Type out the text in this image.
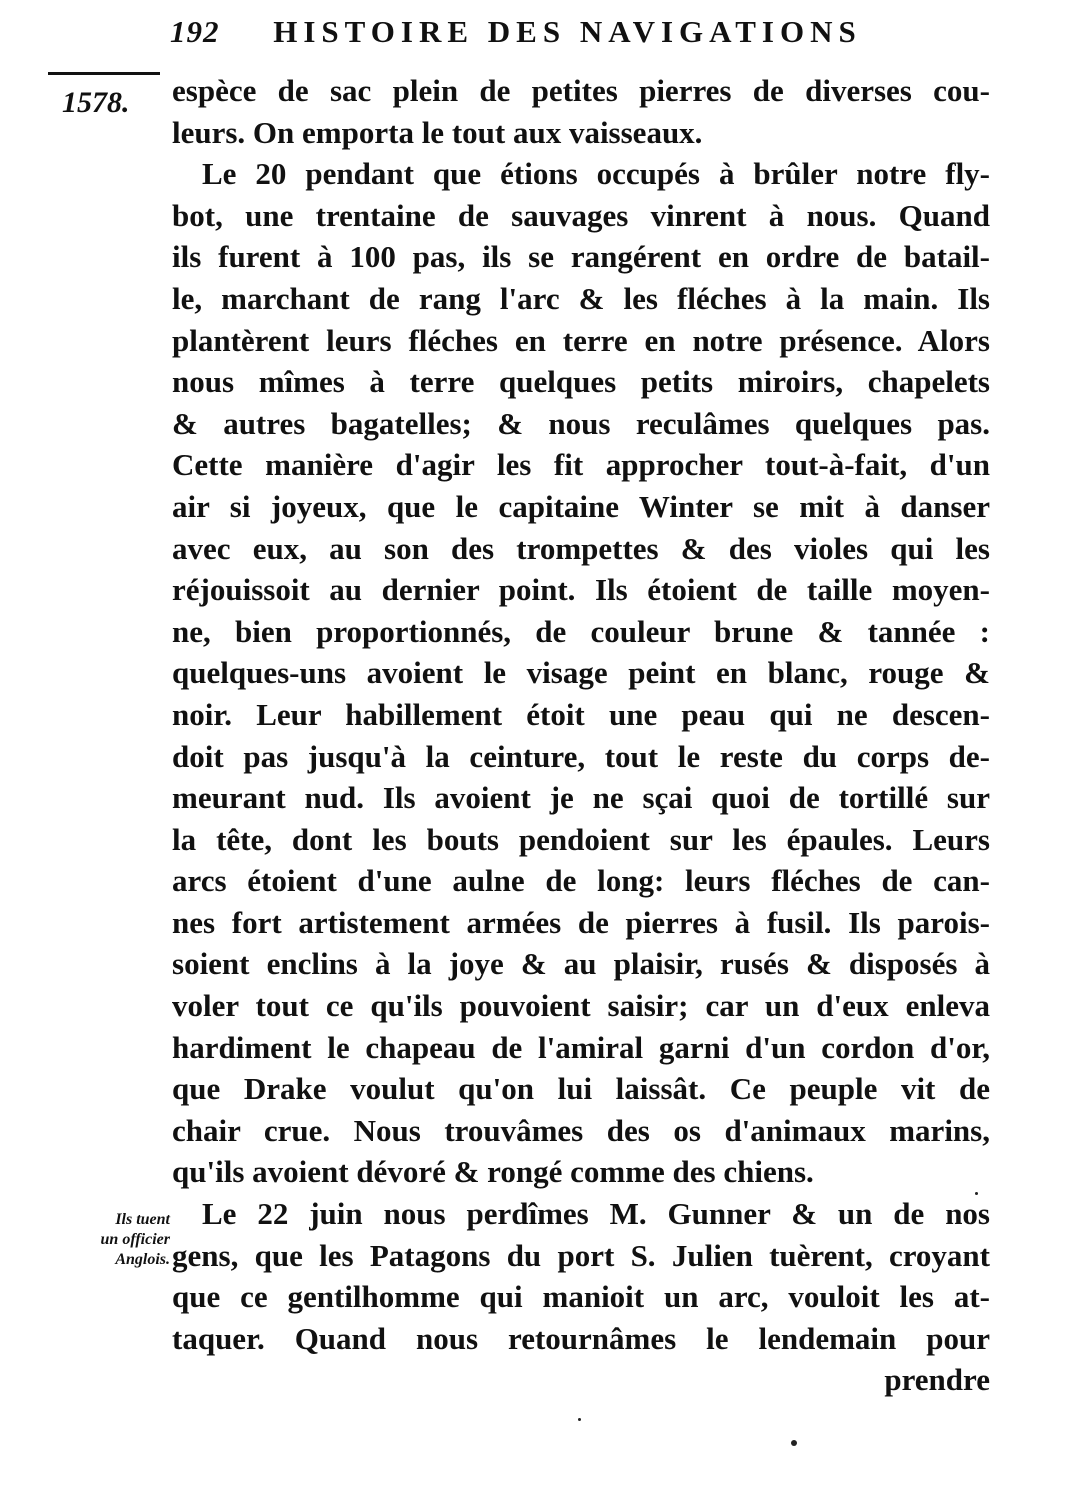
192 HISTOIRE DES NAVIGATIONS
1578. espèce de sac plein de petites pierres de diverses cou-
leurs. On emporta le tout aux vaisseaux.
Le 20 pendant que étions occupés à brûler notre fly-
bot, une trentaine de sauvages vinrent à nous. Quand
ils furent à 100 pas, ils se rangérent en ordre de batail-
le, marchant de rang l'arc & les fléches à la main. Ils
plantèrent leurs fléches en terre en notre présence. Alors
nous mîmes à terre quelques petits miroirs, chapelets
& autres bagatelles; & nous reculâmes quelques pas.
Cette manière d'agir les fit approcher tout-à-fait, d'un
air si joyeux, que le capitaine Winter se mit à danser
avec eux, au son des trompettes & des violes qui les
réjouissoit au dernier point. Ils étoient de taille moyen-
ne, bien proportionnés, de couleur brune & tannée :
quelques-uns avoient le visage peint en blanc, rouge &
noir. Leur habillement étoit une peau qui ne descen-
doit pas jusqu'à la ceinture, tout le reste du corps de-
meurant nud. Ils avoient je ne sçai quoi de tortillé sur
la tête, dont les bouts pendoient sur les épaules. Leurs
arcs étoient d'une aulne de long: leurs fléches de can-
nes fort artistement armées de pierres à fusil. Ils parois-
soient enclins à la joye & au plaisir, rusés & disposés à
voler tout ce qu'ils pouvoient saisir; car un d'eux enleva
hardiment le chapeau de l'amiral garni d'un cordon d'or,
que Drake voulut qu'on lui laissât. Ce peuple vit de
chair crue. Nous trouvâmes des os d'animaux marins,
qu'ils avoient dévoré & rongé comme des chiens.
Le 22 juin nous perdîmes M. Gunner & un de nos
gens, que les Patagons du port S. Julien tuèrent, croyant
que ce gentilhomme qui manioit un arc, vouloit les at-
taquer. Quand nous retournâmes le lendemain pour
prendre
Ils tuent
un officier
Anglois.
